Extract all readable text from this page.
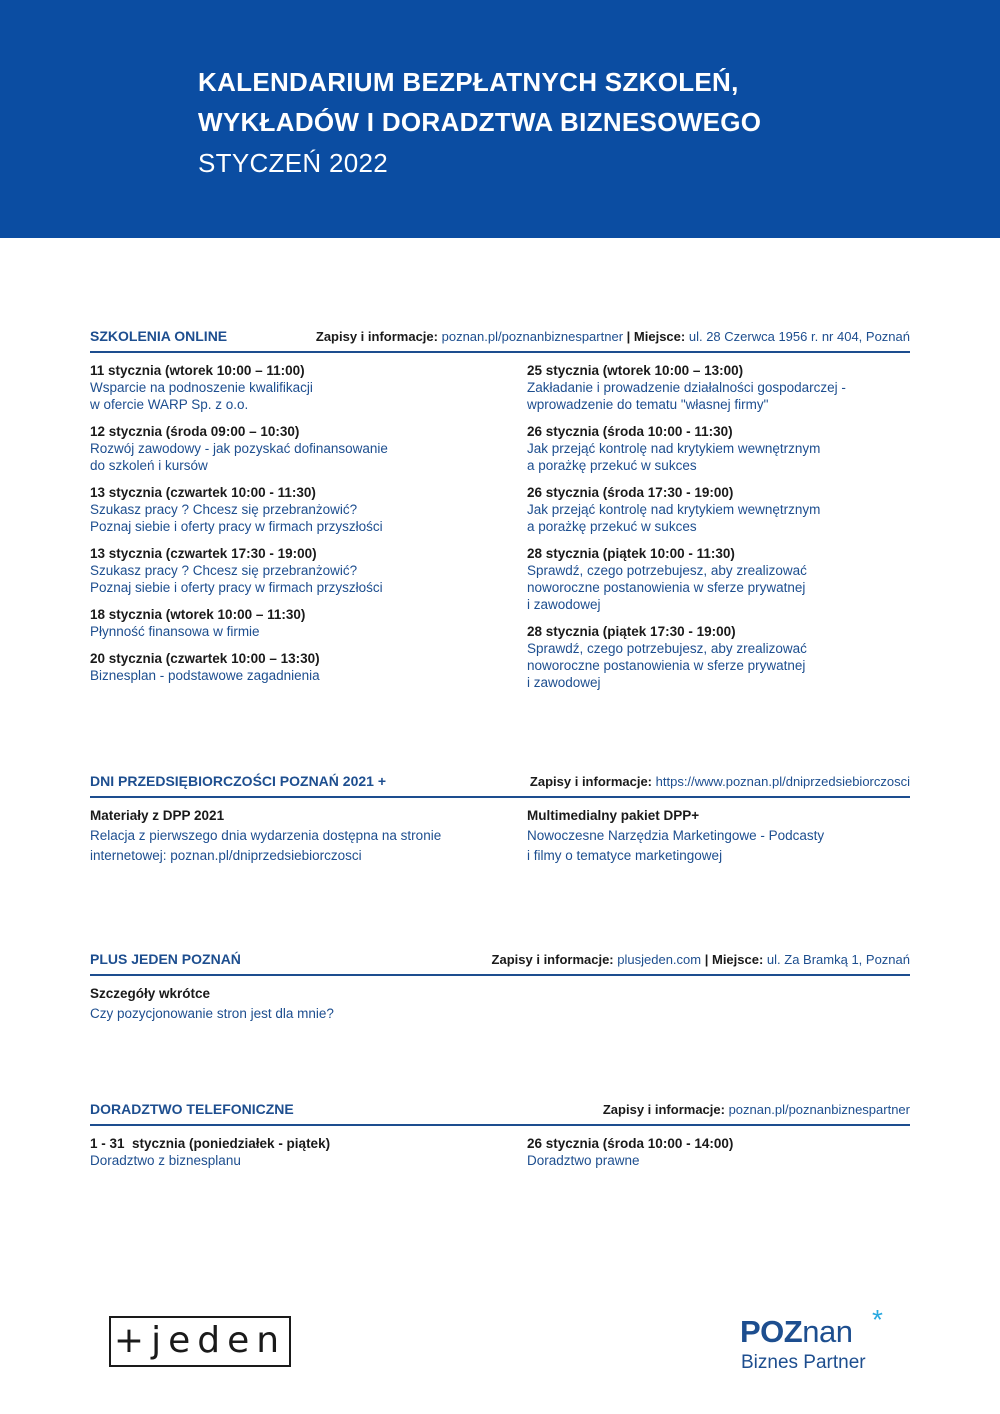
KALENDARIUM BEZPŁATNYCH SZKOLEŃ,
WYKŁADÓW I DORADZTWA BIZNESOWEGO
STYCZEŃ 2022
SZKOLENIA ONLINE	Zapisy i informacje: poznan.pl/poznanbiznespartner | Miejsce: ul. 28 Czerwca 1956 r. nr 404, Poznań
11 stycznia (wtorek 10:00 – 11:00)
Wsparcie na podnoszenie kwalifikacji
w ofercie WARP Sp. z o.o.
12 stycznia (środa 09:00 – 10:30)
Rozwój zawodowy - jak pozyskać dofinansowanie
do szkoleń i kursów
13 stycznia (czwartek 10:00 - 11:30)
Szukasz pracy ? Chcesz się przebranżowić?
Poznaj siebie i oferty pracy w firmach przyszłości
13 stycznia (czwartek 17:30 - 19:00)
Szukasz pracy ? Chcesz się przebranżowić?
Poznaj siebie i oferty pracy w firmach przyszłości
18 stycznia (wtorek 10:00 – 11:30)
Płynność finansowa w firmie
20 stycznia (czwartek 10:00 – 13:30)
Biznesplan - podstawowe zagadnienia
25 stycznia (wtorek 10:00 – 13:00)
Zakładanie i prowadzenie działalności gospodarczej -
wprowadzenie do tematu "własnej firmy"
26 stycznia (środa 10:00 - 11:30)
Jak przejąć kontrolę nad krytykiem wewnętrznym
a porażkę przekuć w sukces
26 stycznia (środa 17:30 - 19:00)
Jak przejąć kontrolę nad krytykiem wewnętrznym
a porażkę przekuć w sukces
28 stycznia (piątek 10:00 - 11:30)
Sprawdź, czego potrzebujesz, aby zrealizować
noworoczne postanowienia w sferze prywatnej
i zawodowej
28 stycznia (piątek 17:30 - 19:00)
Sprawdź, czego potrzebujesz, aby zrealizować
noworoczne postanowienia w sferze prywatnej
i zawodowej
DNI PRZEDSIĘBIORCZOŚCI POZNAŃ 2021 +	Zapisy i informacje: https://www.poznan.pl/dniprzedsiebiorczosci
Materiały z DPP 2021
Relacja z pierwszego dnia wydarzenia dostępna na stronie
internetowej: poznan.pl/dniprzedsiebiorczosci
Multimedialny pakiet DPP+
Nowoczesne Narzędzia Marketingowe - Podcasty
i filmy o tematyce marketingowej
PLUS JEDEN POZNAŃ	Zapisy i informacje: plusjeden.com | Miejsce: ul. Za Bramką 1, Poznań
Szczegóły wkrótce
Czy pozycjonowanie stron jest dla mnie?
DORADZTWO TELEFONICZNE	Zapisy i informacje: poznan.pl/poznanbiznespartner
1 - 31  stycznia (poniedziałek - piątek)
Doradztwo z biznesplanu
26 stycznia (środa 10:00 - 14:00)
Doradztwo prawne
+jeden	POZnan *
Biznes Partner
